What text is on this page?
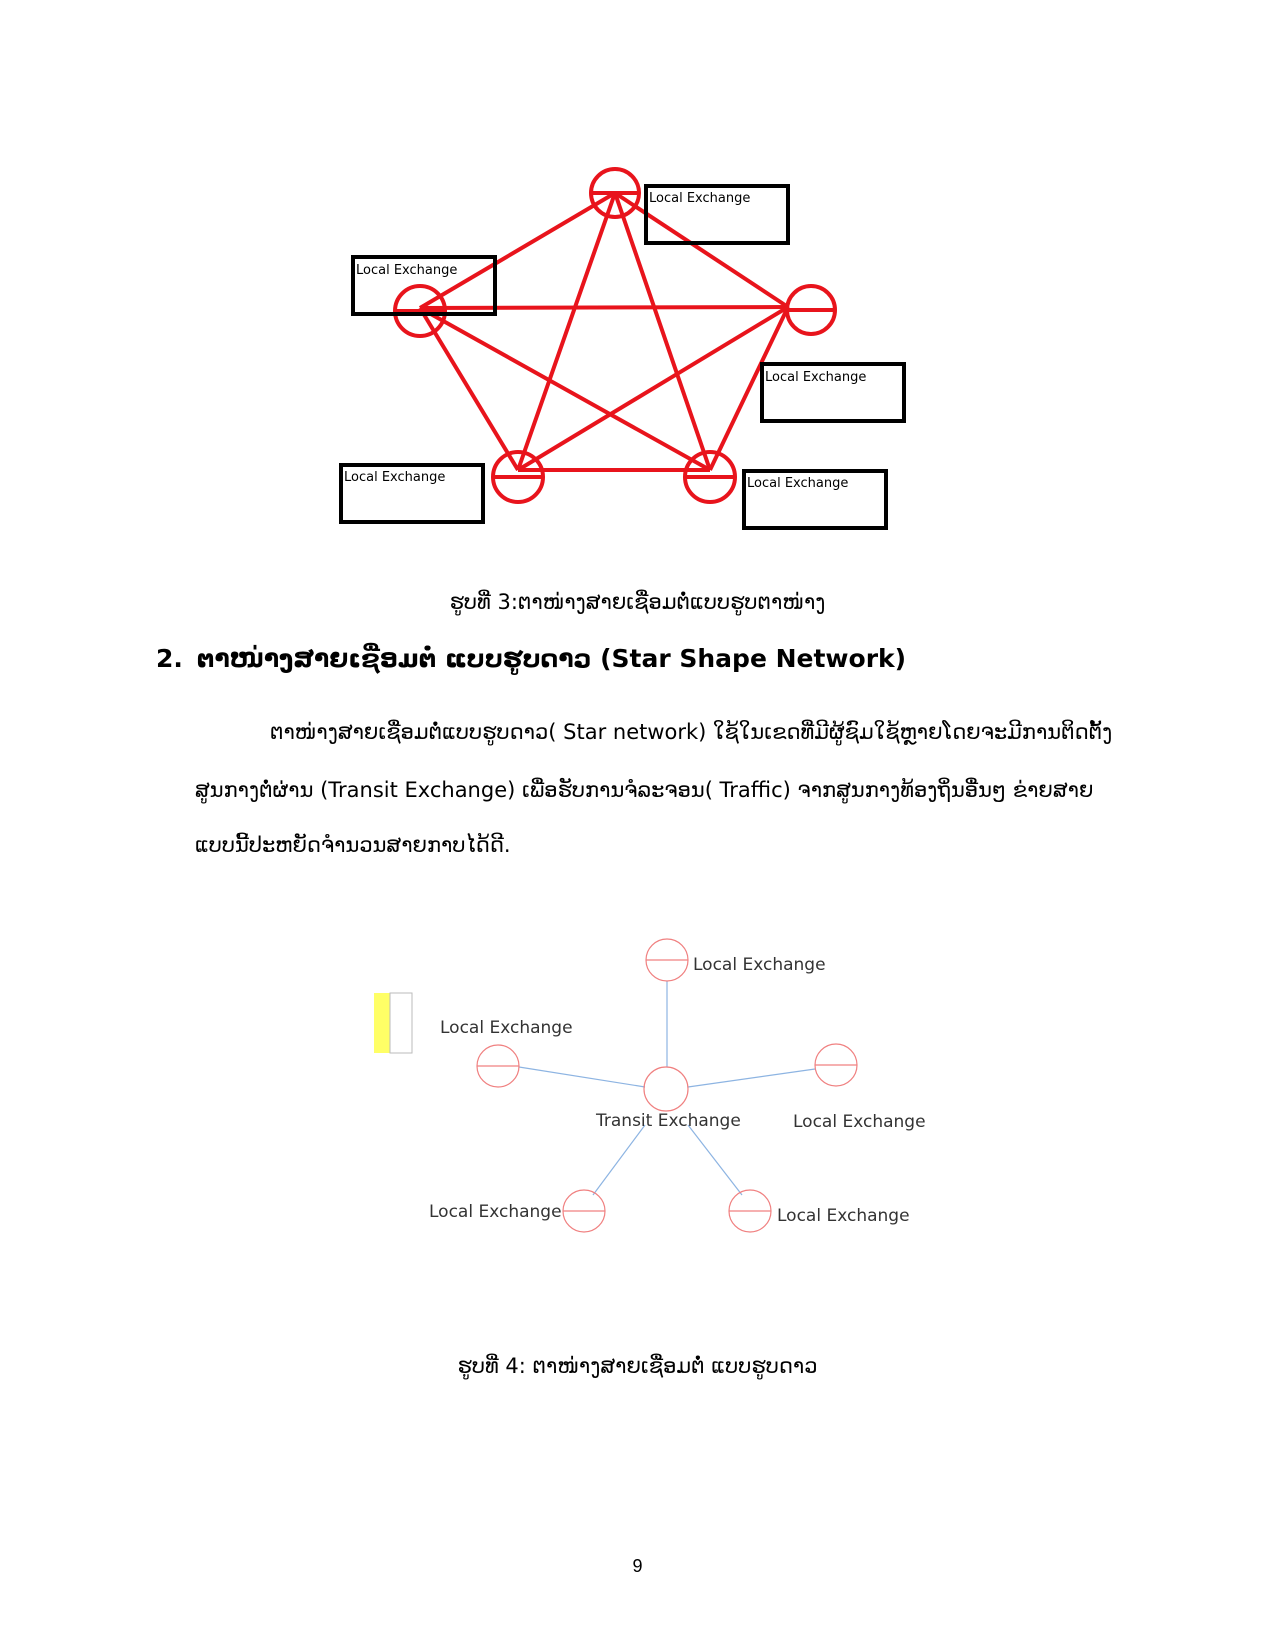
Local Exchange
Local Exchange
Local Exchange
Local Exchange	Local Exchange
ຮູບທີ່ 3:ຕາໜ່າງສາຍເຊື່ອມຕໍ່ແບບຮູບຕາໜ່າງ
2. ຕາໜ່າງສາຍເຊື່ອມຕໍ່ ແບບຮູບດາວ (Star Shape Network)
ຕາໜ່າງສາຍເຊື່ອມຕໍ່ແບບຮູບດາວ( Star network) ໃຊ້ໃນເຂດທີ່ມີຜູ້ຊົມໃຊ້ຫຼາຍໂດຍຈະມີການຕິດຕັ້ງ
ສູນກາງຕໍ່ຜ່ານ (Transit Exchange) ເພື່ອຮັບການຈໍລະຈອນ( Traffic) ຈາກສູນກາງທ້ອງຖິ່ນອື່ນໆ ຂ່າຍສາຍ
ແບບນີ້ປະຫຍັດຈຳນວນສາຍກາບໄດ້ດີ.
Local Exchange
Local Exchange
Transit Exchange	Local Exchange
Local Exchange	Local Exchange
ຮູບທີ່ 4: ຕາໜ່າງສາຍເຊື່ອມຕໍ່ ແບບຮູບດາວ
9
